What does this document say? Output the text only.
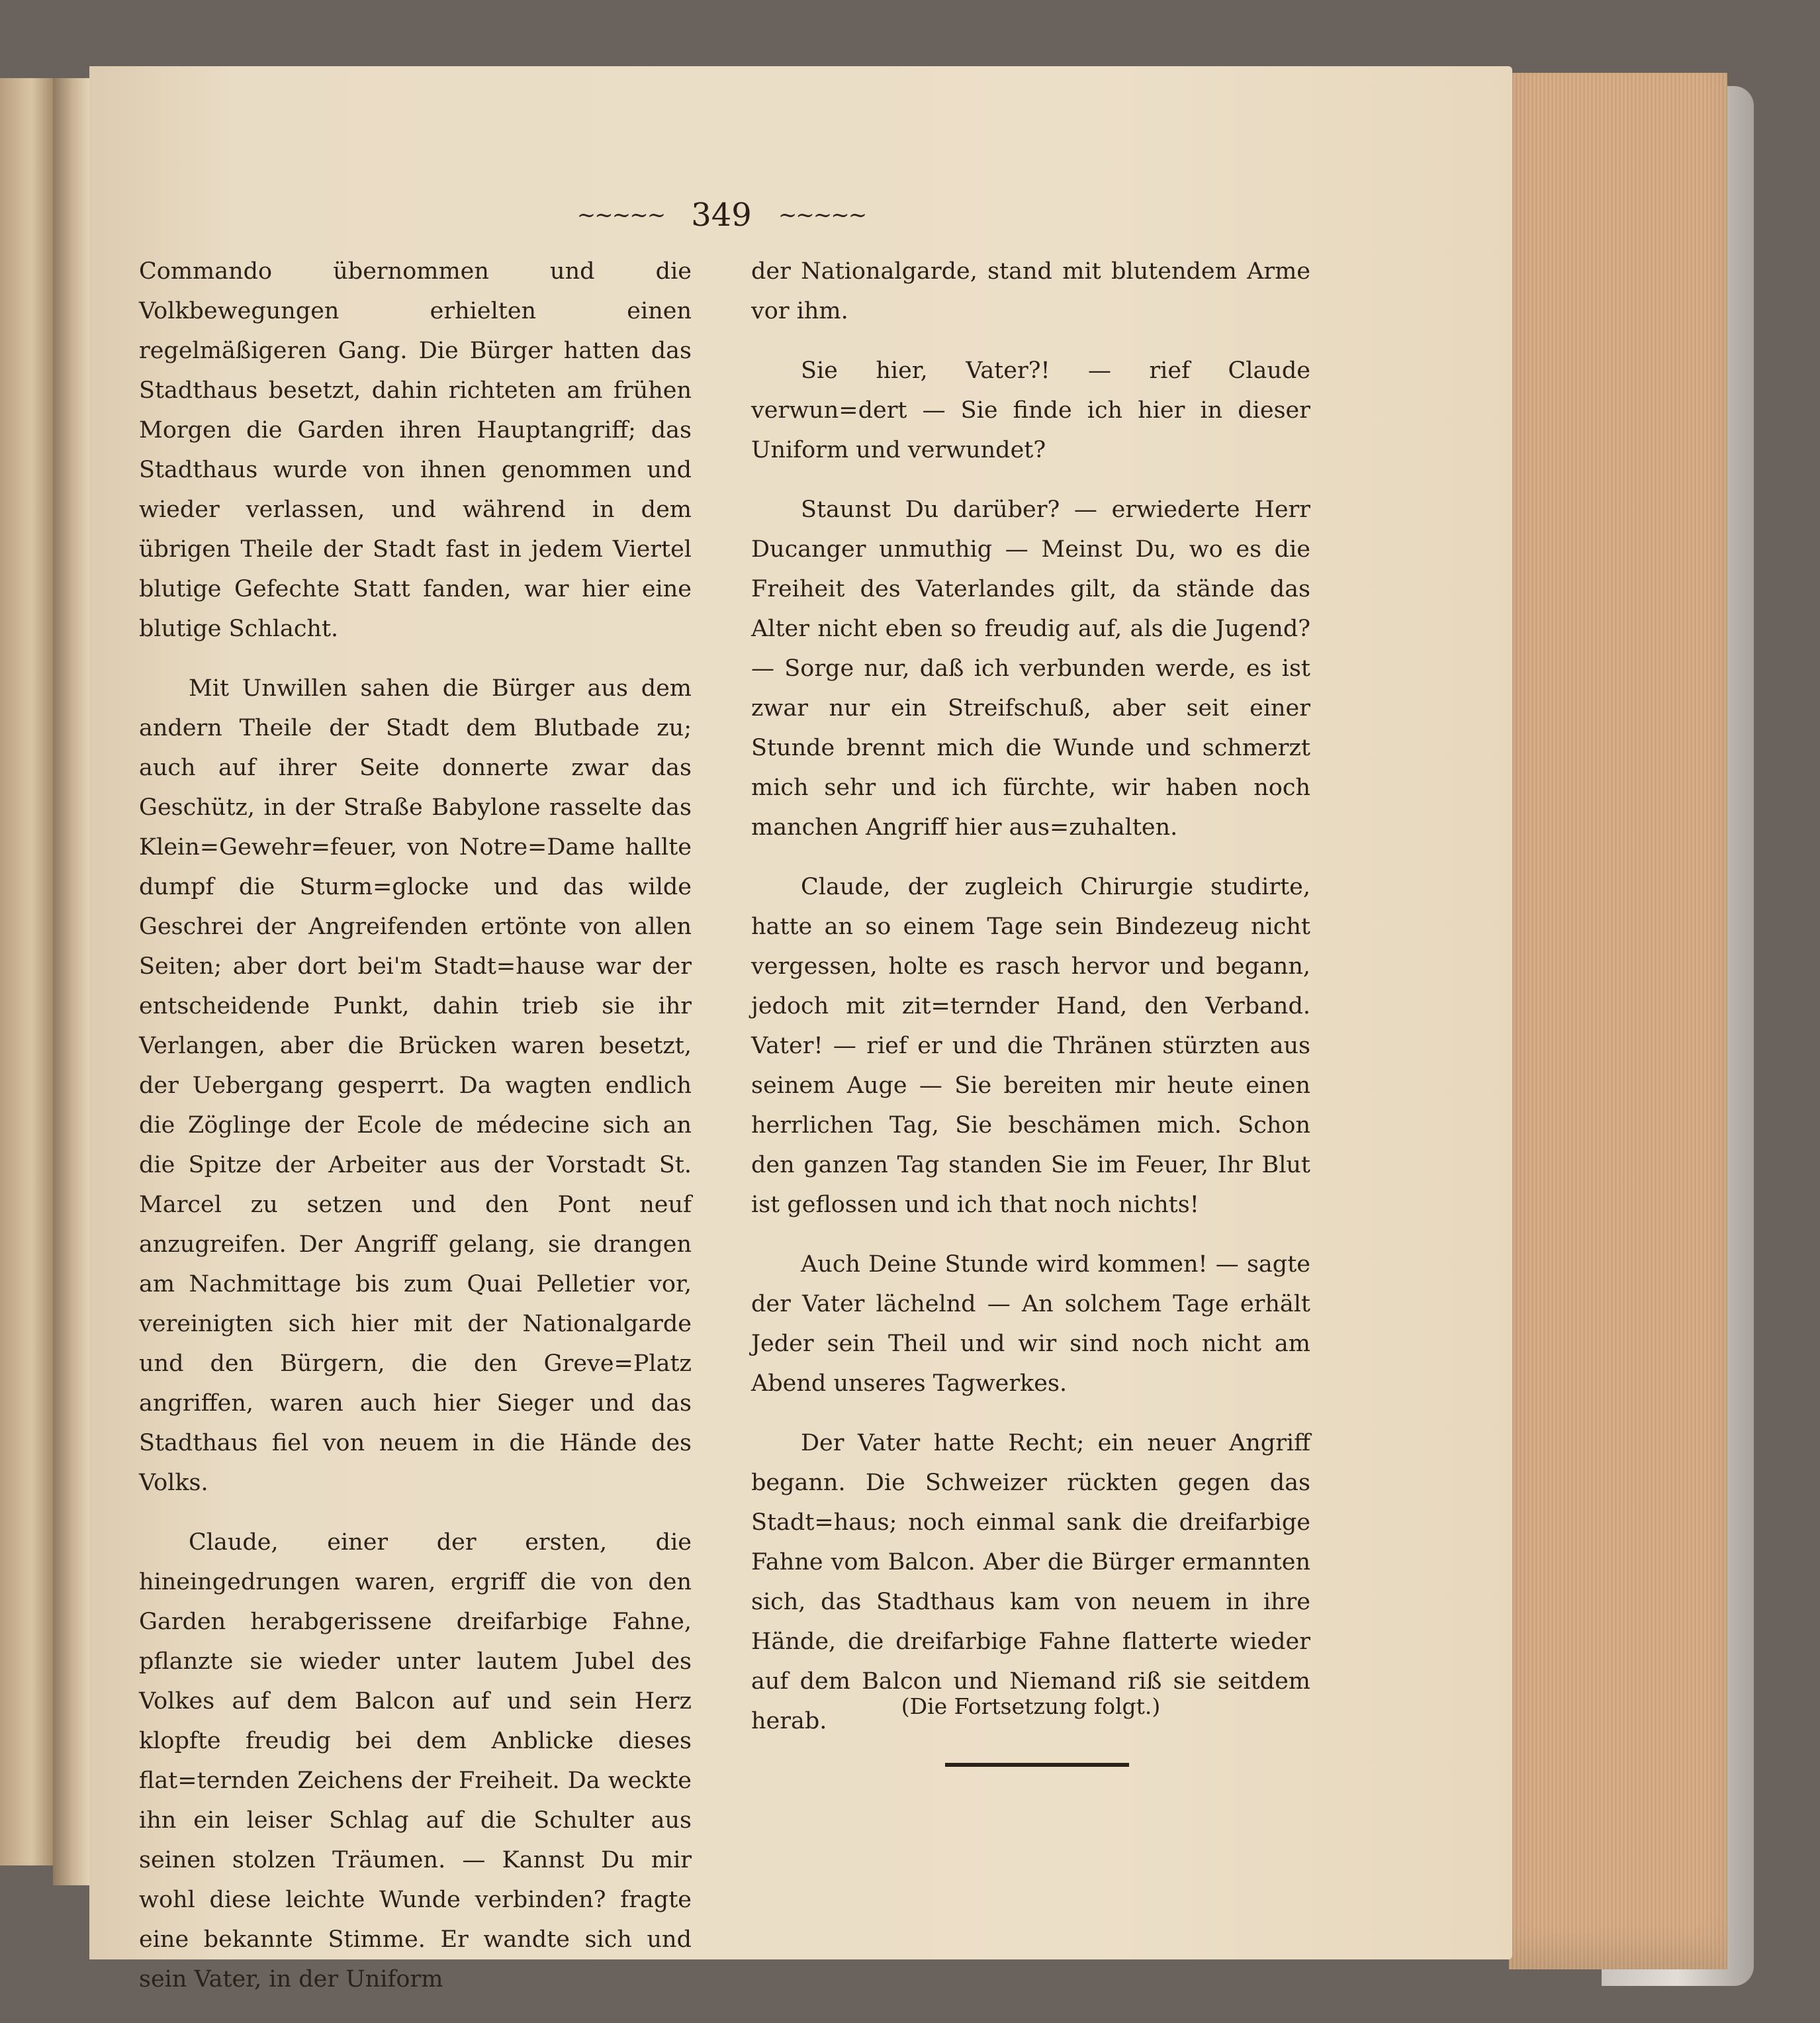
~~~~~ 349 ~~~~~

Commando übernommen und die Volkbewegungen erhielten einen regelmäßigeren Gang. Die Bürger hatten das Stadthaus besetzt, dahin richteten am frühen Morgen die Garden ihren Hauptangriff; das Stadthaus wurde von ihnen genommen und wieder verlassen, und während in dem übrigen Theile der Stadt fast in jedem Viertel blutige Gefechte Statt fanden, war hier eine blutige Schlacht.

Mit Unwillen sahen die Bürger aus dem andern Theile der Stadt dem Blutbade zu; auch auf ihrer Seite donnerte zwar das Geschütz, in der Straße Babylone rasselte das Klein=Gewehr=feuer, von Notre=Dame hallte dumpf die Sturm=glocke und das wilde Geschrei der Angreifenden ertönte von allen Seiten; aber dort bei'm Stadt=hause war der entscheidende Punkt, dahin trieb sie ihr Verlangen, aber die Brücken waren besetzt, der Uebergang gesperrt. Da wagten endlich die Zöglinge der Ecole de médecine sich an die Spitze der Arbeiter aus der Vorstadt St. Marcel zu setzen und den Pont neuf anzugreifen. Der Angriff gelang, sie drangen am Nachmittage bis zum Quai Pelletier vor, vereinigten sich hier mit der Nationalgarde und den Bürgern, die den Greve=Platz angriffen, waren auch hier Sieger und das Stadthaus fiel von neuem in die Hände des Volks.

Claude, einer der ersten, die hineingedrungen waren, ergriff die von den Garden herabgerissene dreifarbige Fahne, pflanzte sie wieder unter lautem Jubel des Volkes auf dem Balcon auf und sein Herz klopfte freudig bei dem Anblicke dieses flat=ternden Zeichens der Freiheit. Da weckte ihn ein leiser Schlag auf die Schulter aus seinen stolzen Träumen. — Kannst Du mir wohl diese leichte Wunde verbinden? fragte eine bekannte Stimme. Er wandte sich und sein Vater, in der Uniform

der Nationalgarde, stand mit blutendem Arme vor ihm.

Sie hier, Vater?! — rief Claude verwun=dert — Sie finde ich hier in dieser Uniform und verwundet?

Staunst Du darüber? — erwiederte Herr Ducanger unmuthig — Meinst Du, wo es die Freiheit des Vaterlandes gilt, da stände das Alter nicht eben so freudig auf, als die Jugend? — Sorge nur, daß ich verbunden werde, es ist zwar nur ein Streifschuß, aber seit einer Stunde brennt mich die Wunde und schmerzt mich sehr und ich fürchte, wir haben noch manchen Angriff hier aus=zuhalten.

Claude, der zugleich Chirurgie studirte, hatte an so einem Tage sein Bindezeug nicht vergessen, holte es rasch hervor und begann, jedoch mit zit=ternder Hand, den Verband. Vater! — rief er und die Thränen stürzten aus seinem Auge — Sie bereiten mir heute einen herrlichen Tag, Sie beschämen mich. Schon den ganzen Tag standen Sie im Feuer, Ihr Blut ist geflossen und ich that noch nichts!

Auch Deine Stunde wird kommen! — sagte der Vater lächelnd — An solchem Tage erhält Jeder sein Theil und wir sind noch nicht am Abend unseres Tagwerkes.

Der Vater hatte Recht; ein neuer Angriff begann. Die Schweizer rückten gegen das Stadt=haus; noch einmal sank die dreifarbige Fahne vom Balcon. Aber die Bürger ermannten sich, das Stadthaus kam von neuem in ihre Hände, die dreifarbige Fahne flatterte wieder auf dem Balcon und Niemand riß sie seitdem herab.

(Die Fortsetzung folgt.)
